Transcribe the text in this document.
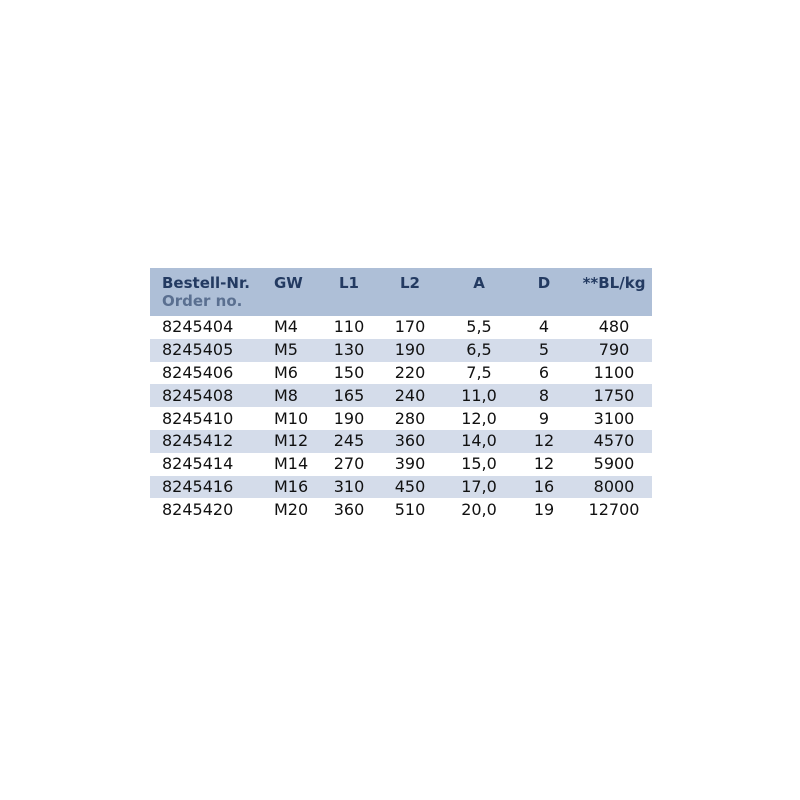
Bestell-Nr.
Order no.	GW	L1	L2	A	D	**BL/kg

8245404	M4	110	170	5,5	4	480
8245405	M5	130	190	6,5	5	790
8245406	M6	150	220	7,5	6	1100
8245408	M8	165	240	11,0	8	1750
8245410	M10	190	280	12,0	9	3100
8245412	M12	245	360	14,0	12	4570
8245414	M14	270	390	15,0	12	5900
8245416	M16	310	450	17,0	16	8000
8245420	M20	360	510	20,0	19	12700
